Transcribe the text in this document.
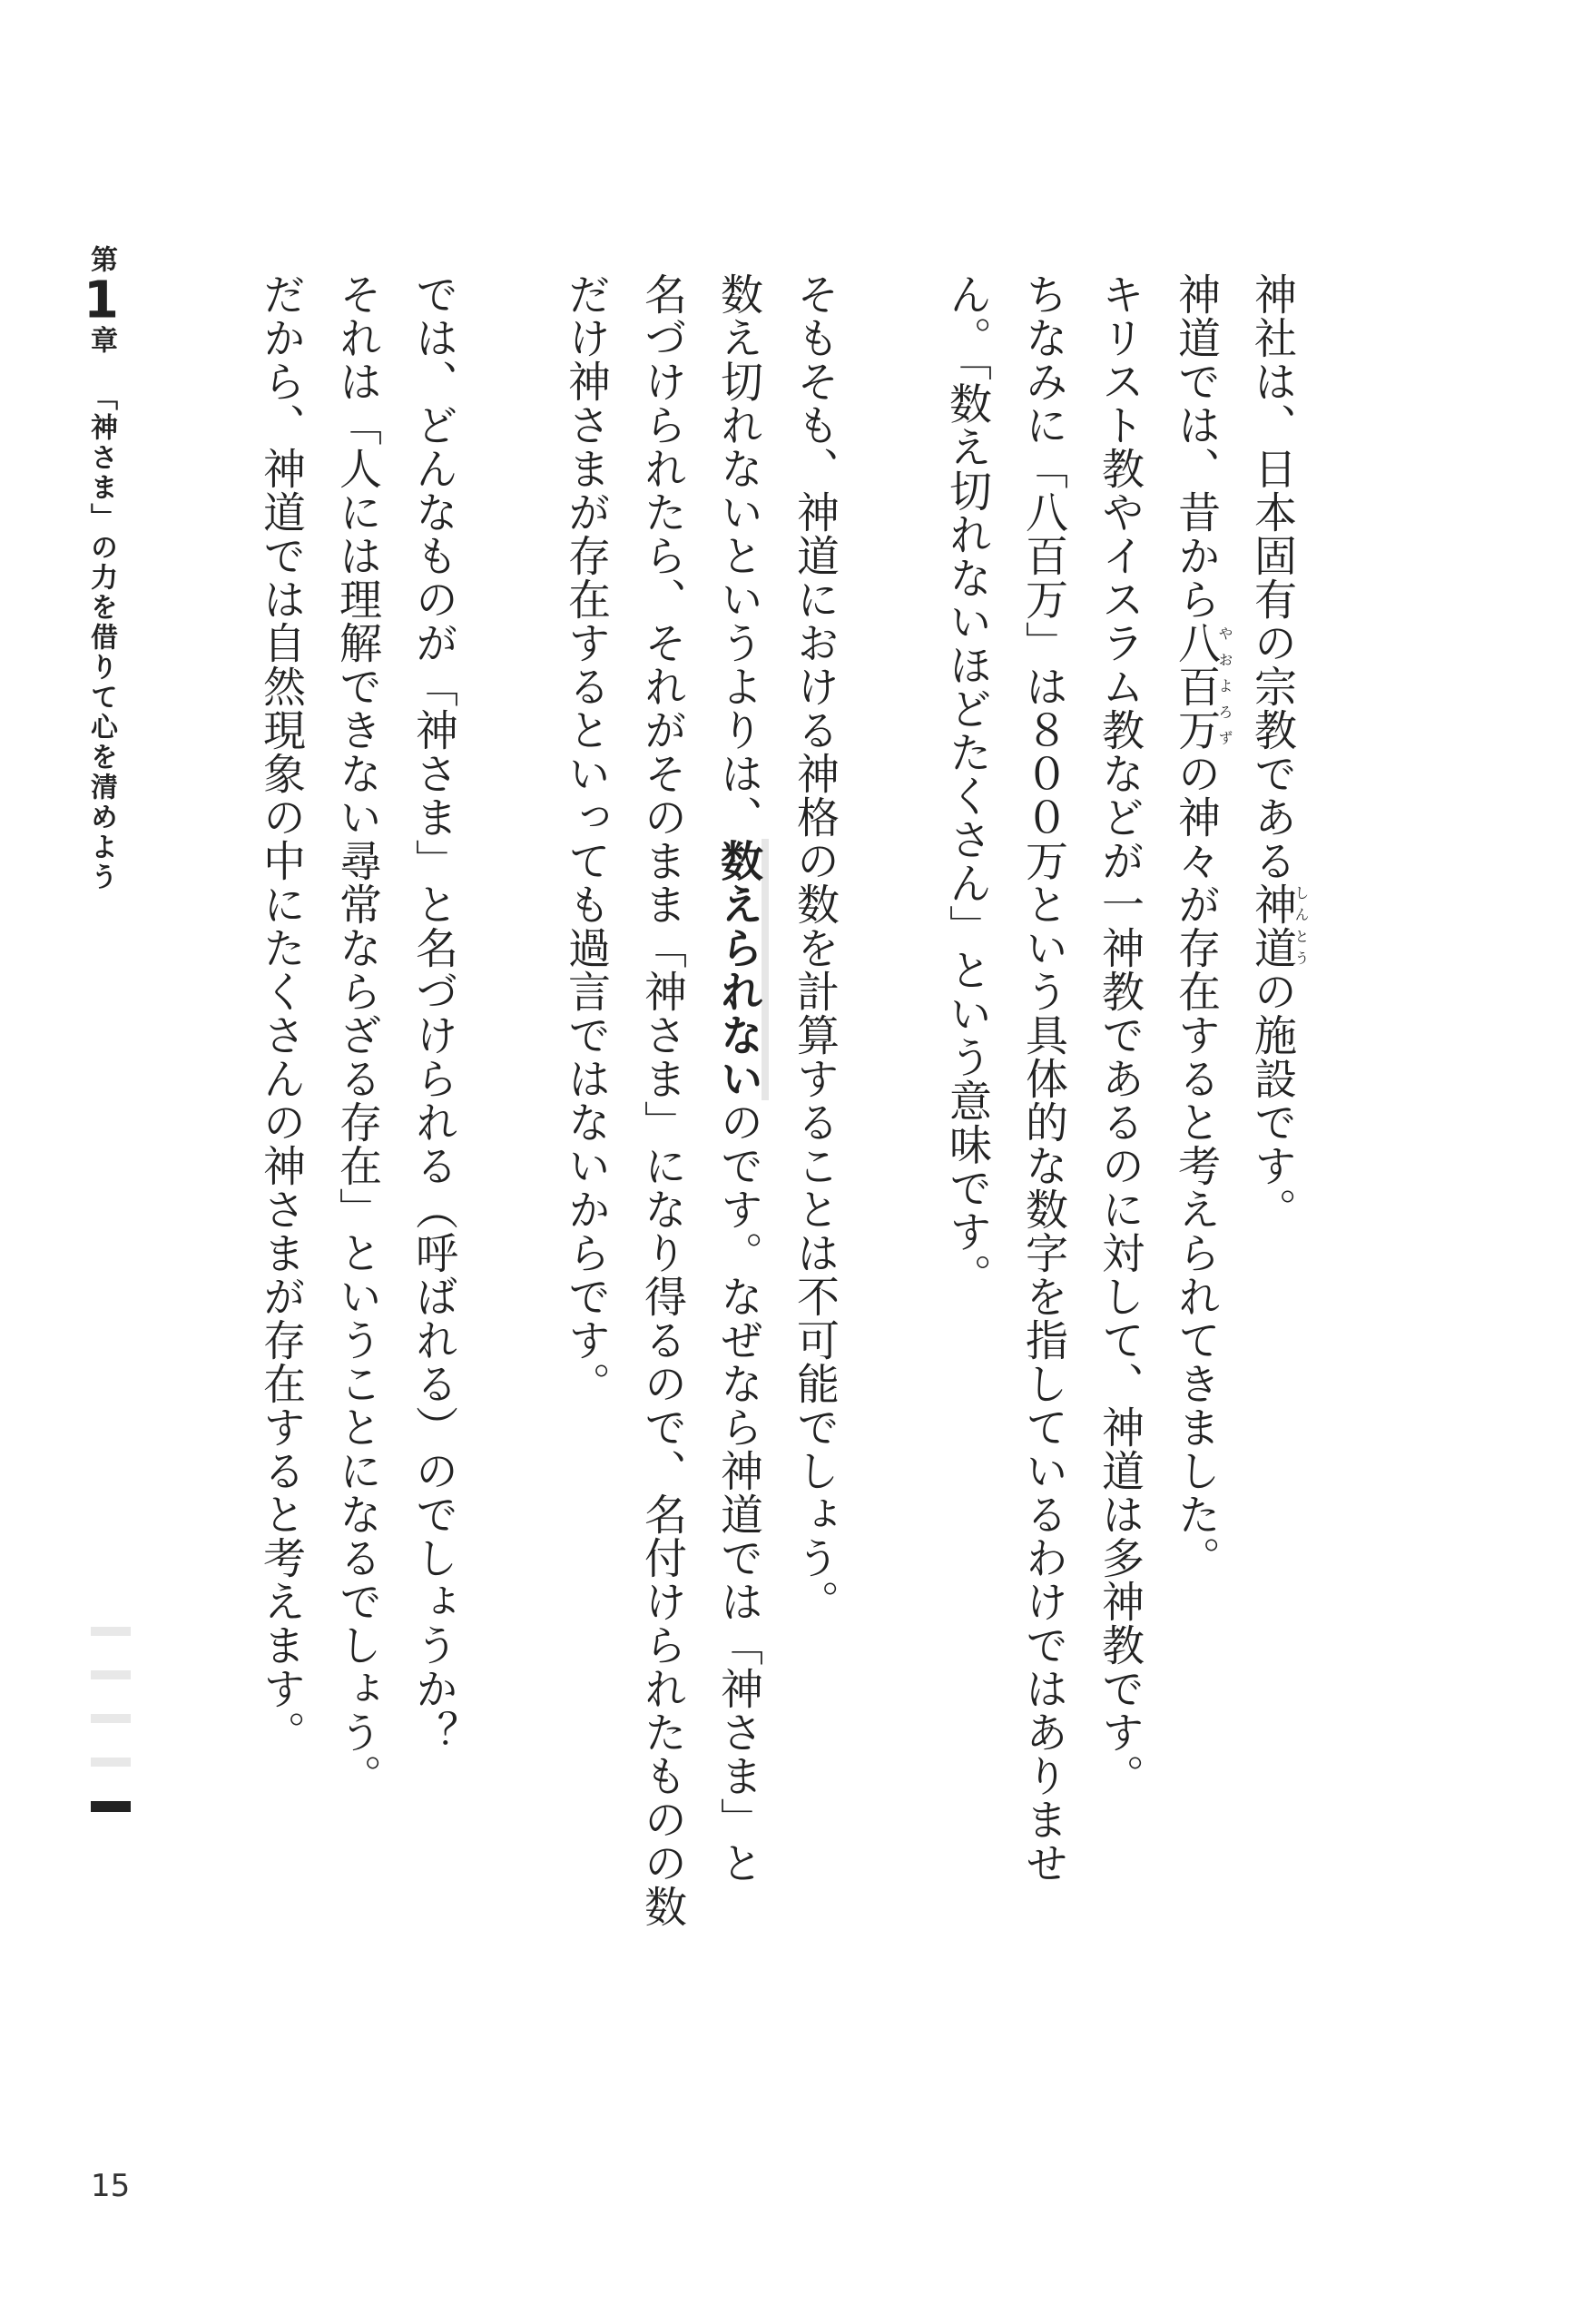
神社は、日本固有の宗教である神道しんとうの施設です。
神道では、昔から八百万やおよろずの神々が存在すると考えられてきました。
キリスト教やイスラム教などが一神教であるのに対して、神道は多神教です。
ちなみに「八百万」は８００万という具体的な数字を指しているわけではありませ
ん。「数え切れないほどたくさん」という意味です。

そもそも、神道における神格の数を計算することは不可能でしょう。
数え切れないというよりは、数えられないのです。なぜなら神道では「神さま」と
名づけられたら、それがそのまま「神さま」になり得るので、名付けられたものの数
だけ神さまが存在するといっても過言ではないからです。

では、どんなものが「神さま」と名づけられる（呼ばれる）のでしょうか？
それは「人には理解できない尋常ならざる存在」ということになるでしょう。
だから、神道では自然現象の中にたくさんの神さまが存在すると考えます。

第1章「神さま」の力を借りて心を清めよう
15
